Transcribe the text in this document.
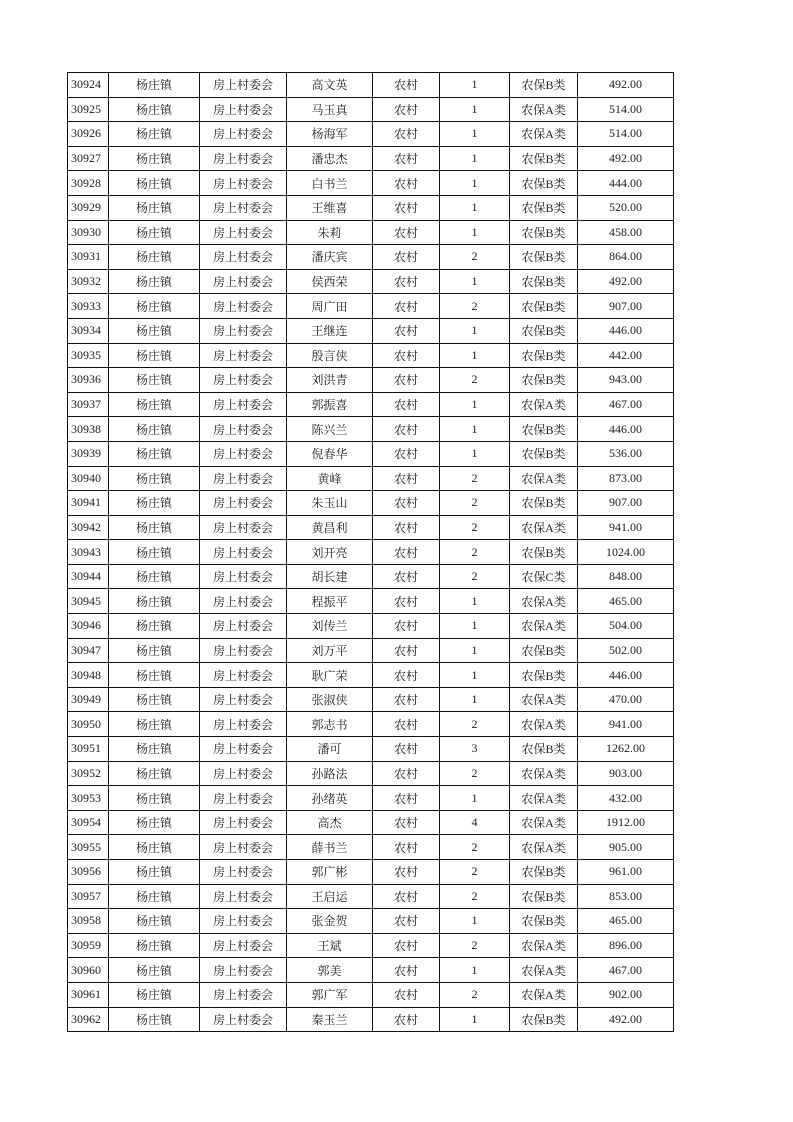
30924	杨庄镇	房上村委会	高文英	农村	1	农保B类	492.00
30925	杨庄镇	房上村委会	马玉真	农村	1	农保A类	514.00
30926	杨庄镇	房上村委会	杨海军	农村	1	农保A类	514.00
30927	杨庄镇	房上村委会	潘忠杰	农村	1	农保B类	492.00
30928	杨庄镇	房上村委会	白书兰	农村	1	农保B类	444.00
30929	杨庄镇	房上村委会	王维喜	农村	1	农保B类	520.00
30930	杨庄镇	房上村委会	朱莉	农村	1	农保B类	458.00
30931	杨庄镇	房上村委会	潘庆宾	农村	2	农保B类	864.00
30932	杨庄镇	房上村委会	侯西荣	农村	1	农保B类	492.00
30933	杨庄镇	房上村委会	周广田	农村	2	农保B类	907.00
30934	杨庄镇	房上村委会	王继连	农村	1	农保B类	446.00
30935	杨庄镇	房上村委会	殷言侠	农村	1	农保B类	442.00
30936	杨庄镇	房上村委会	刘洪青	农村	2	农保B类	943.00
30937	杨庄镇	房上村委会	郭振喜	农村	1	农保A类	467.00
30938	杨庄镇	房上村委会	陈兴兰	农村	1	农保B类	446.00
30939	杨庄镇	房上村委会	倪春华	农村	1	农保B类	536.00
30940	杨庄镇	房上村委会	黄峰	农村	2	农保A类	873.00
30941	杨庄镇	房上村委会	朱玉山	农村	2	农保B类	907.00
30942	杨庄镇	房上村委会	黄昌利	农村	2	农保A类	941.00
30943	杨庄镇	房上村委会	刘开亮	农村	2	农保B类	1024.00
30944	杨庄镇	房上村委会	胡长建	农村	2	农保C类	848.00
30945	杨庄镇	房上村委会	程振平	农村	1	农保A类	465.00
30946	杨庄镇	房上村委会	刘传兰	农村	1	农保A类	504.00
30947	杨庄镇	房上村委会	刘万平	农村	1	农保B类	502.00
30948	杨庄镇	房上村委会	耿广荣	农村	1	农保B类	446.00
30949	杨庄镇	房上村委会	张淑侠	农村	1	农保A类	470.00
30950	杨庄镇	房上村委会	郭志书	农村	2	农保A类	941.00
30951	杨庄镇	房上村委会	潘可	农村	3	农保B类	1262.00
30952	杨庄镇	房上村委会	孙路法	农村	2	农保A类	903.00
30953	杨庄镇	房上村委会	孙绪英	农村	1	农保A类	432.00
30954	杨庄镇	房上村委会	高杰	农村	4	农保A类	1912.00
30955	杨庄镇	房上村委会	薛书兰	农村	2	农保A类	905.00
30956	杨庄镇	房上村委会	郭广彬	农村	2	农保B类	961.00
30957	杨庄镇	房上村委会	王启运	农村	2	农保B类	853.00
30958	杨庄镇	房上村委会	张金贺	农村	1	农保B类	465.00
30959	杨庄镇	房上村委会	王斌	农村	2	农保A类	896.00
30960	杨庄镇	房上村委会	郭美	农村	1	农保A类	467.00
30961	杨庄镇	房上村委会	郭广军	农村	2	农保A类	902.00
30962	杨庄镇	房上村委会	秦玉兰	农村	1	农保B类	492.00
